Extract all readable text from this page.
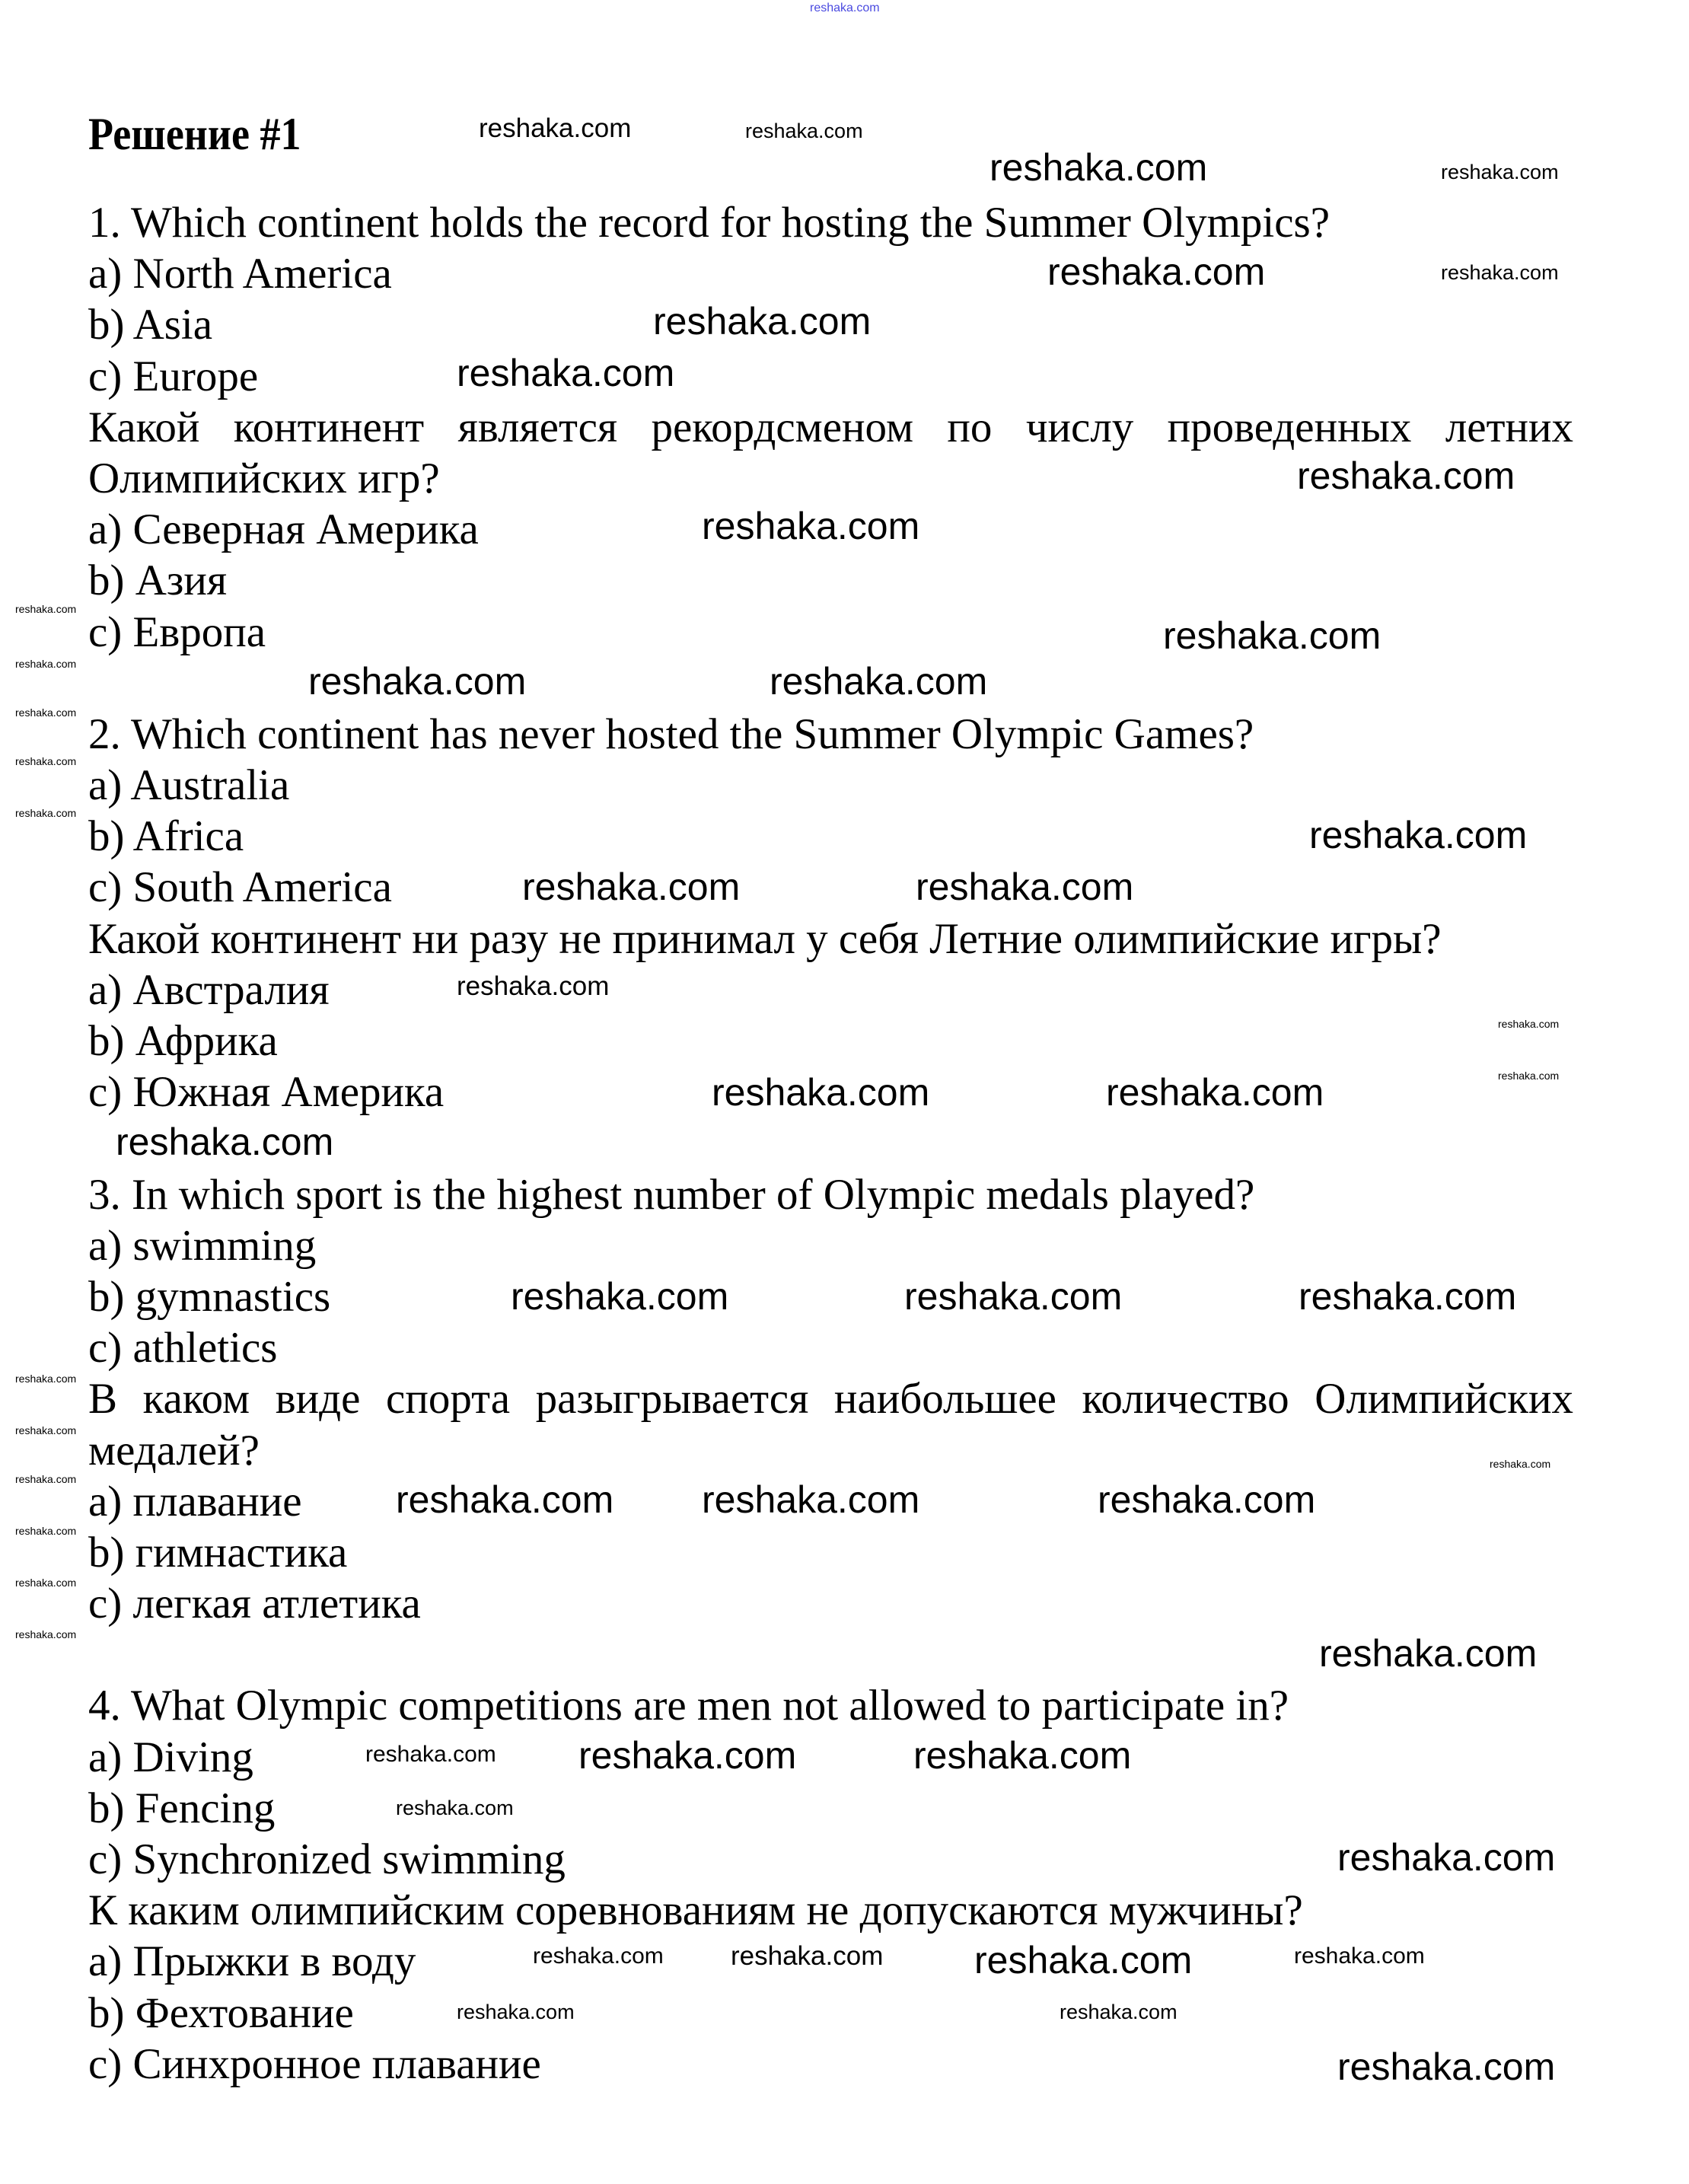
Решение #1
1. Which continent holds the record for hosting the Summer Olympics?
a) North America
b) Asia
c) Europe
Какой континент является рекордсменом по числу проведенных летних
Олимпийских игр?
a) Северная Америка
b) Азия
c) Европа
2. Which continent has never hosted the Summer Olympic Games?
a) Australia
b) Africa
c) South America
Какой континент ни разу не принимал у себя Летние олимпийские игры?
a) Австралия
b) Африка
c) Южная Америка
3. In which sport is the highest number of Olympic medals played?
a) swimming
b) gymnastics
c) athletics
В каком виде спорта разыгрывается наибольшее количество Олимпийских
медалей?
a) плавание
b) гимнастика
c) легкая атлетика
4. What Olympic competitions are men not allowed to participate in?
a) Diving
b) Fencing
c) Synchronized swimming
К каким олимпийским соревнованиям не допускаются мужчины?
a) Прыжки в воду
b) Фехтование
c) Синхронное плавание
reshaka.com
reshaka.com	reshaka.com
reshaka.com	reshaka.com
reshaka.com	reshaka.com
reshaka.com
reshaka.com
reshaka.com
reshaka.com
reshaka.com
reshaka.com
reshaka.com
reshaka.com
reshaka.com
reshaka.com
reshaka.com	reshaka.com
reshaka.com
reshaka.com	reshaka.com
reshaka.com
reshaka.com
reshaka.com
reshaka.com	reshaka.com
reshaka.com
reshaka.com	reshaka.com	reshaka.com
reshaka.com
reshaka.com
reshaka.com
reshaka.com
reshaka.com
reshaka.com
reshaka.com
reshaka.com reshaka.com	reshaka.com
reshaka.com
reshaka.com reshaka.com	reshaka.com
reshaka.com
reshaka.com
reshaka.com	reshaka.com reshaka.com	reshaka.com
reshaka.com	reshaka.com
reshaka.com
